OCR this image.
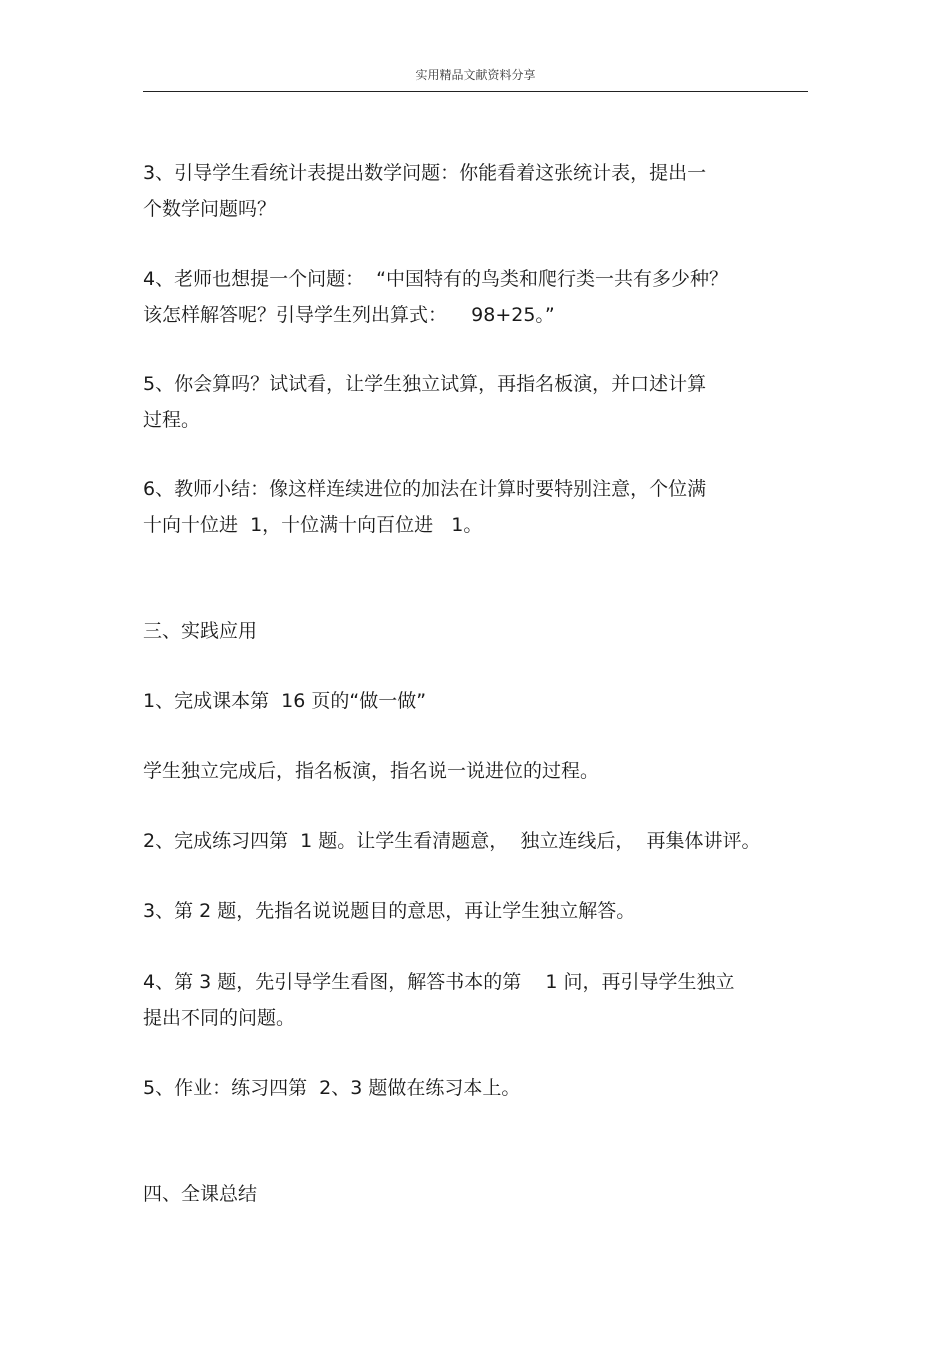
实用精品文献资料分享
3、引导学生看统计表提出数学问题：你能看着这张统计表，提出一
个数学问题吗？
4、老师也想提一个问题：  “中国特有的鸟类和爬行类一共有多少种？
该怎样解答呢？引导学生列出算式：    98+25。”
5、你会算吗？试试看，让学生独立试算，再指名板演，并口述计算
过程。
6、教师小结：像这样连续进位的加法在计算时要特别注意，个位满
十向十位进  1，十位满十向百位进   1。
三、实践应用
1、完成课本第  16 页的“做一做”
学生独立完成后，指名板演，指名说一说进位的过程。
2、完成练习四第  1 题。让学生看清题意，  独立连线后，  再集体讲评。
3、第 2 题，先指名说说题目的意思，再让学生独立解答。
4、第 3 题，先引导学生看图，解答书本的第    1 问，再引导学生独立
提出不同的问题。
5、作业：练习四第  2、3 题做在练习本上。
四、全课总结
